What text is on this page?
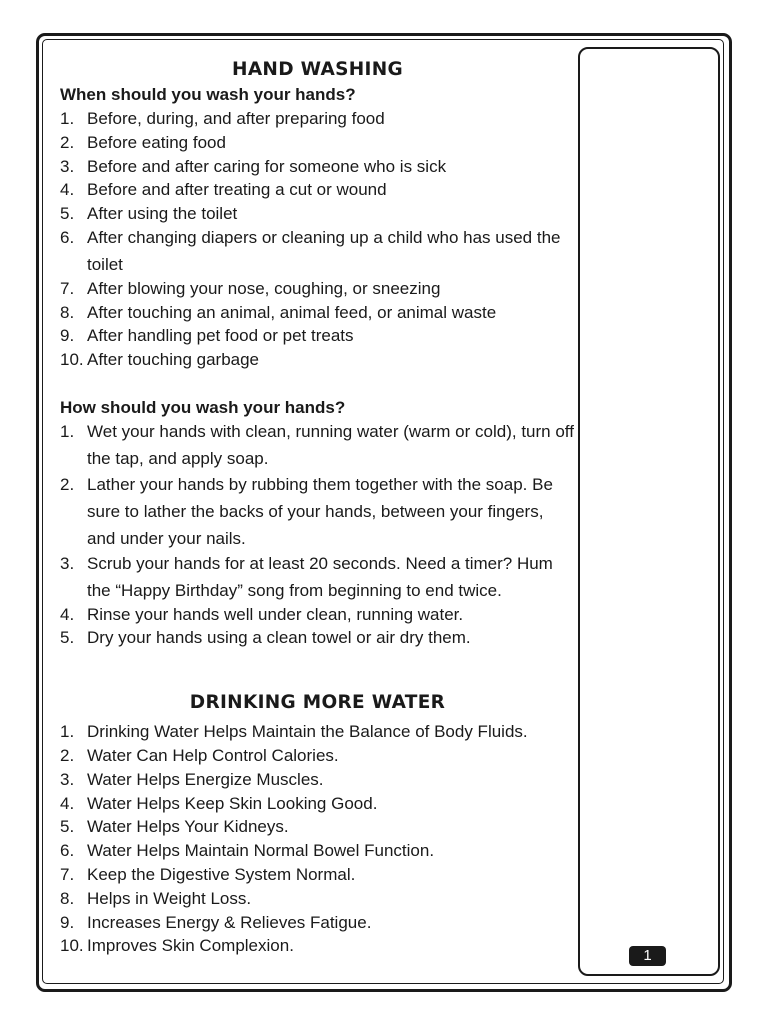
1
HAND WASHING

When should you wash your hands?

1. Before, during, and after preparing food
2. Before eating food
3. Before and after caring for someone who is sick
4. Before and after treating a cut or wound
5. After using the toilet
6. After changing diapers or cleaning up a child who has used the toilet
7. After blowing your nose, coughing, or sneezing
8. After touching an animal, animal feed, or animal waste
9. After handling pet food or pet treats
10. After touching garbage

How should you wash your hands?

1. Wet your hands with clean, running water (warm or cold), turn off the tap, and apply soap.
2. Lather your hands by rubbing them together with the soap. Be sure to lather the backs of your hands, between your fingers, and under your nails.
3. Scrub your hands for at least 20 seconds. Need a timer? Hum the “Happy Birthday” song from beginning to end twice.
4. Rinse your hands well under clean, running water.
5. Dry your hands using a clean towel or air dry them.
DRINKING MORE WATER
1. Drinking Water Helps Maintain the Balance of Body Fluids.
2. Water Can Help Control Calories.
3. Water Helps Energize Muscles.
4. Water Helps Keep Skin Looking Good.
5. Water Helps Your Kidneys.
6. Water Helps Maintain Normal Bowel Function.
7. Keep the Digestive System Normal.
8. Helps in Weight Loss.
9. Increases Energy & Relieves Fatigue.
10. Improves Skin Complexion.
